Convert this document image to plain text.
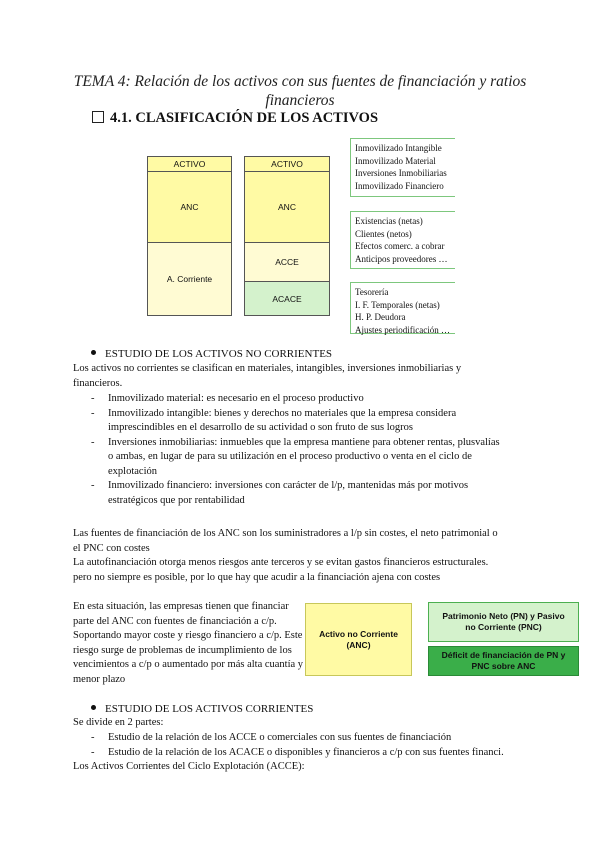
TEMA 4: Relación de los activos con sus fuentes de financiación y ratios financieros
4.1. CLASIFICACIÓN DE LOS ACTIVOS
ACTIVO
ANC
A. Corriente
ACTIVO
ANC
ACCE
ACACE
Inmovilizado Intangible
Inmovilizado Material
Inversiones Inmobiliarias
Inmovilizado Financiero
Existencias (netas)
Clientes (netos)
Efectos comerc. a cobrar
Anticipos proveedores …
Tesorería
I. F. Temporales (netas)
H. P. Deudora
Ajustes periodificación …
ESTUDIO DE LOS ACTIVOS NO CORRIENTES
Los activos no corrientes se clasifican en materiales, intangibles, inversiones inmobiliarias y
financieros.
- Inmovilizado material: es necesario en el proceso productivo
- Inmovilizado intangible: bienes y derechos no materiales que la empresa considera
imprescindibles en el desarrollo de su actividad o son fruto de sus logros
- Inversiones inmobiliarias: inmuebles que la empresa mantiene para obtener rentas, plusvalías
o ambas, en lugar de para su utilización en el proceso productivo o venta en el ciclo de
explotación
- Inmovilizado financiero: inversiones con carácter de l/p, mantenidas más por motivos
estratégicos que por rentabilidad
Las fuentes de financiación de los ANC son los suministradores a l/p sin costes, el neto patrimonial o
el PNC con costes
La autofinanciación otorga menos riesgos ante terceros y se evitan gastos financieros estructurales.
pero no siempre es posible, por lo que hay que acudir a la financiación ajena con costes
En esta situación, las empresas tienen que financiar
parte del ANC con fuentes de financiación a c/p.
Soportando mayor coste y riesgo financiero a c/p. Este
riesgo surge de problemas de incumplimiento de los
vencimientos a c/p o aumentado por más alta cuantía y
menor plazo
Activo no Corriente (ANC)
Patrimonio Neto (PN) y Pasivo no Corriente (PNC)
Déficit de financiación de PN y PNC sobre ANC
ESTUDIO DE LOS ACTIVOS CORRIENTES
Se divide en 2 partes:
- Estudio de la relación de los ACCE o comerciales con sus fuentes de financiación
- Estudio de la relación de los ACACE o disponibles y financieros a c/p con sus fuentes financi.
Los Activos Corrientes del Ciclo Explotación (ACCE):
